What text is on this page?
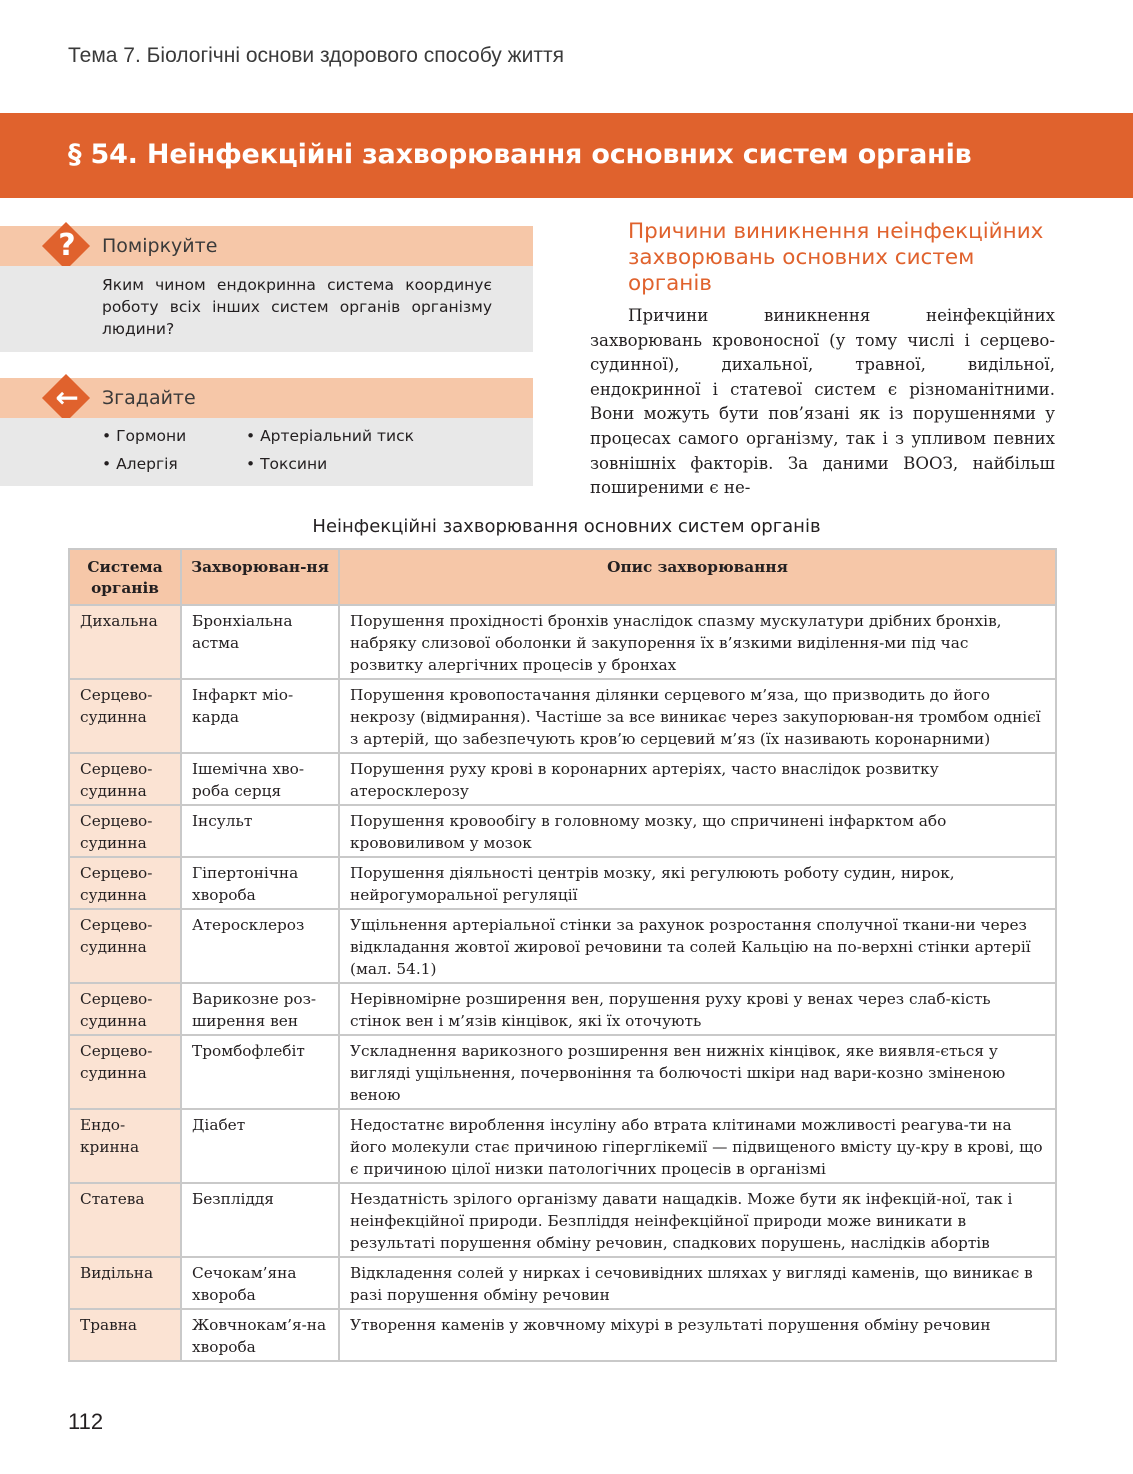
Тема 7. Біологічні основи здорового способу життя
§ 54. Неінфекційні захворювання основних систем органів
?	Поміркуйте
Яким чином ендокринна система координує роботу всіх інших систем органів організму людини?
←	Згадайте
• Гормони	• Артеріальний тиск
• Алергія	• Токсини
Причини виникнення неінфекційних захворювань основних систем органів
Причини виникнення неінфекційних захворювань кровоносної (у тому числі і серцево-судинної), дихальної, травної, видільної, ендокринної і статевої систем є різноманітними. Вони можуть бути пов’язані як із порушеннями у процесах самого організму, так і з упливом певних зовнішніх факторів. За даними ВООЗ, найбільш поширеними є не-
Неінфекційні захворювання основних систем органів
Система органів	Захворюван-ня	Опис захворювання
Дихальна	Бронхіальна астма	Порушення прохідності бронхів унаслідок спазму мускулатури дрібних бронхів, набряку слизової оболонки й закупорення їх в’язкими виділення-ми під час розвитку алергічних процесів у бронхах
Серцево-судинна	Інфаркт міо-карда	Порушення кровопостачання ділянки серцевого м’яза, що призводить до його некрозу (відмирання). Частіше за все виникає через закупорюван-ня тромбом однієї з артерій, що забезпечують кров’ю серцевий м’яз (їх називають коронарними)
Серцево-судинна	Ішемічна хво-роба серця	Порушення руху крові в коронарних артеріях, часто внаслідок розвитку атеросклерозу
Серцево-судинна	Інсульт	Порушення кровообігу в головному мозку, що спричинені інфарктом або крововиливом у мозок
Серцево-судинна	Гіпертонічна хвороба	Порушення діяльності центрів мозку, які регулюють роботу судин, нирок, нейрогуморальної регуляції
Серцево-судинна	Атеросклероз	Ущільнення артеріальної стінки за рахунок розростання сполучної ткани-ни через відкладання жовтої жирової речовини та солей Кальцію на по-верхні стінки артерії (мал. 54.1)
Серцево-судинна	Варикозне роз-ширення вен	Нерівномірне розширення вен, порушення руху крові у венах через слаб-кість стінок вен і м’язів кінцівок, які їх оточують
Серцево-судинна	Тромбофлебіт	Ускладнення варикозного розширення вен нижніх кінцівок, яке виявля-ється у вигляді ущільнення, почервоніння та болючості шкіри над вари-козно зміненою веною
Ендо-кринна	Діабет	Недостатнє вироблення інсуліну або втрата клітинами можливості реагува-ти на його молекули стає причиною гіперглікемії — підвищеного вмісту цу-кру в крові, що є причиною цілої низки патологічних процесів в організмі
Статева	Безпліддя	Нездатність зрілого організму давати нащадків. Може бути як інфекцій-ної, так і неінфекційної природи. Безпліддя неінфекційної природи може виникати в результаті порушення обміну речовин, спадкових порушень, наслідків абортів
Видільна	Сечокам’яна хвороба	Відкладення солей у нирках і сечовивідних шляхах у вигляді каменів, що виникає в разі порушення обміну речовин
Травна	Жовчнокам’я-на хвороба	Утворення каменів у жовчному міхурі в результаті порушення обміну речовин
112
